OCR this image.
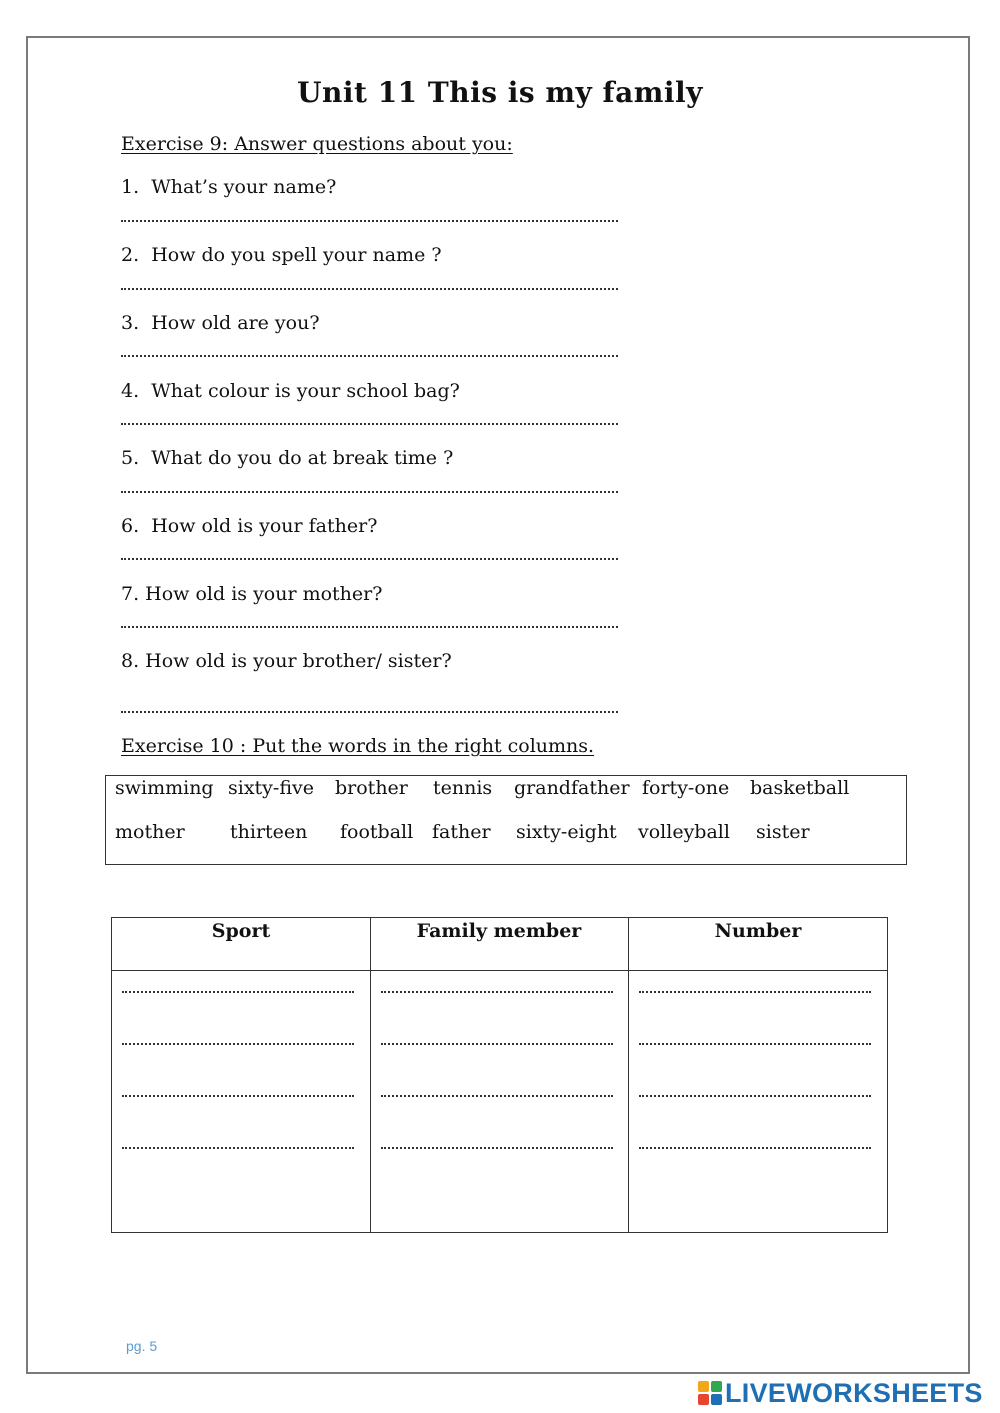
Unit 11 This is my family
Exercise 9: Answer questions about you:
1.  What’s your name?
2.  How do you spell your name ?
3.  How old are you?
4.  What colour is your school bag?
5.  What do you do at break time ?
6.  How old is your father?
7. How old is your mother?
8. How old is your brother/ sister?
Exercise 10 : Put the words in the right columns.
swimming sixty-five brother tennis grandfather forty-one basketball
mother thirteen football father sixty-eight volleyball sister
Sport	Family member	Number
pg. 5
LIVEWORKSHEETS
